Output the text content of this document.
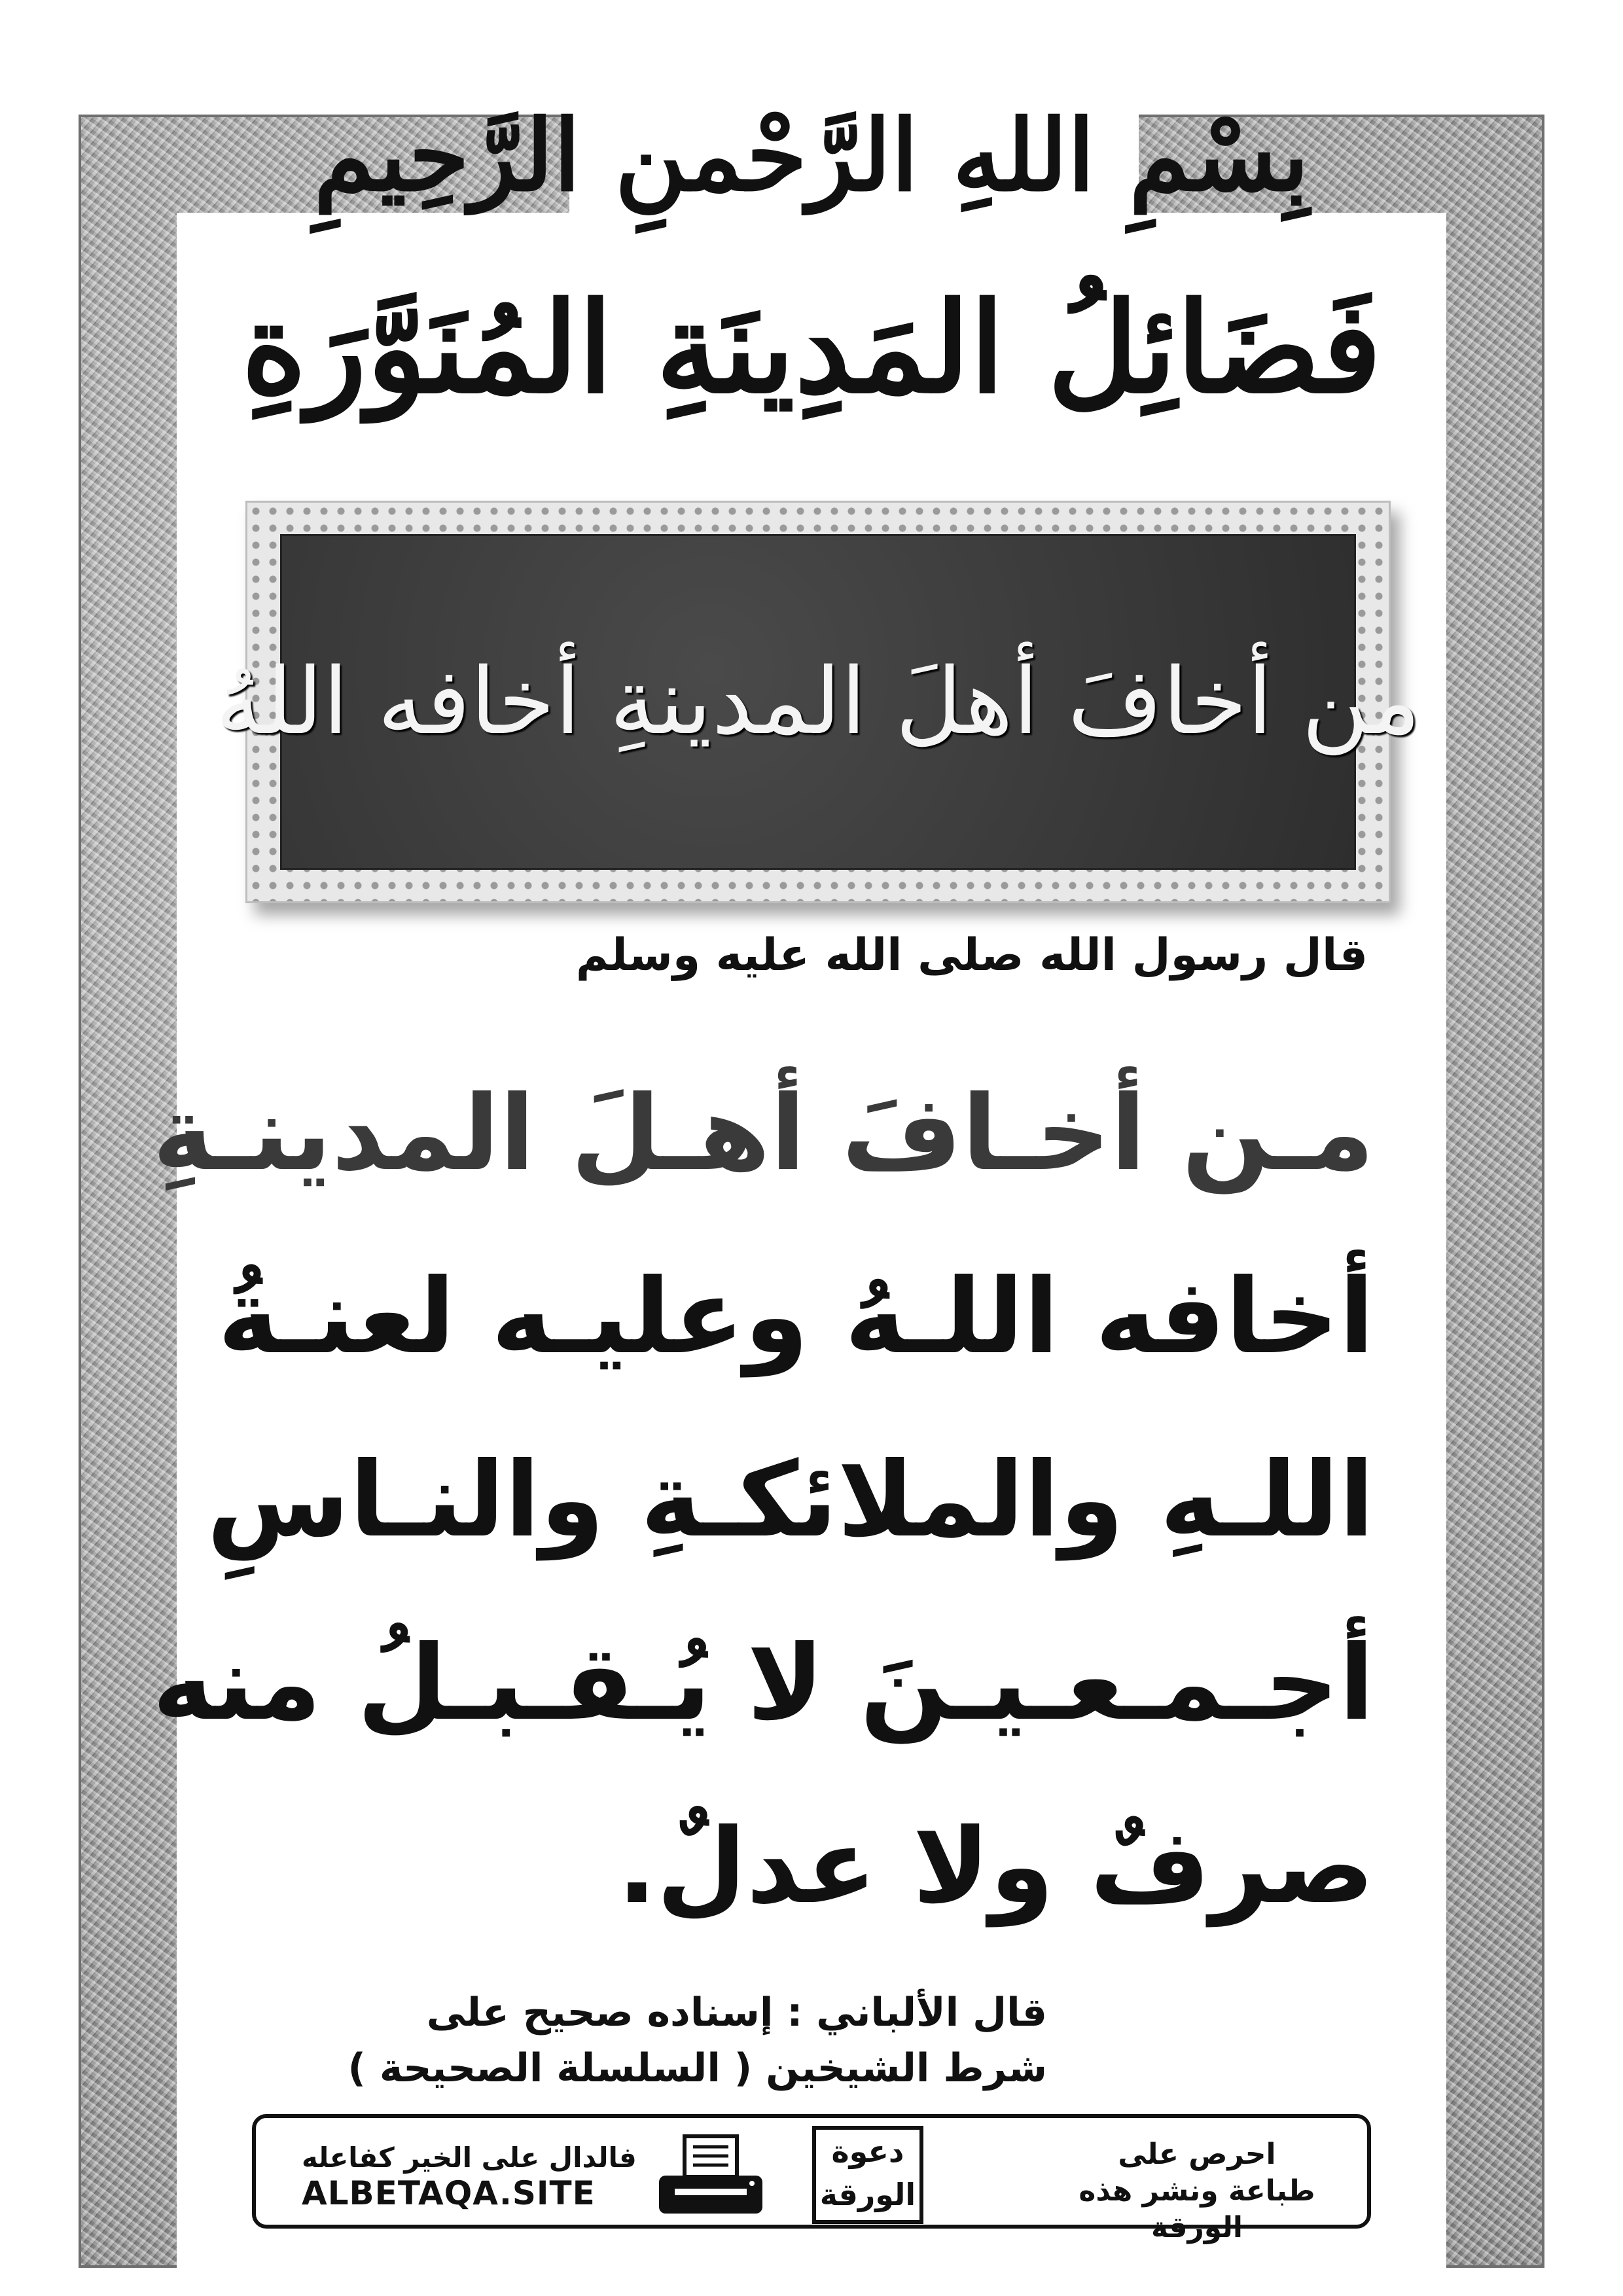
بِسْمِ اللهِ الرَّحْمنِ الرَّحِيمِ
فَضَائِلُ المَدِينَةِ المُنَوَّرَةِ
من أخافَ أهلَ المدينةِ أخافه اللهُ
قال رسول الله صلى الله عليه وسلم
مـن أخـافَ أهـلَ المدينـةِ
أخافه اللـهُ وعليـه لعنـةُ
اللـهِ والملائكـةِ والنـاسِ
أجـمـعـيـنَ لا يُـقـبـلُ منه
صرفٌ ولا عدلٌ.
قال الألباني : إسناده صحيح على
شرط الشيخين ( السلسلة الصحيحة )
فالدال على الخير كفاعله
ALBETAQA.SITE
دعوة الورقة
احرص على طباعة ونشر هذه الورقة
